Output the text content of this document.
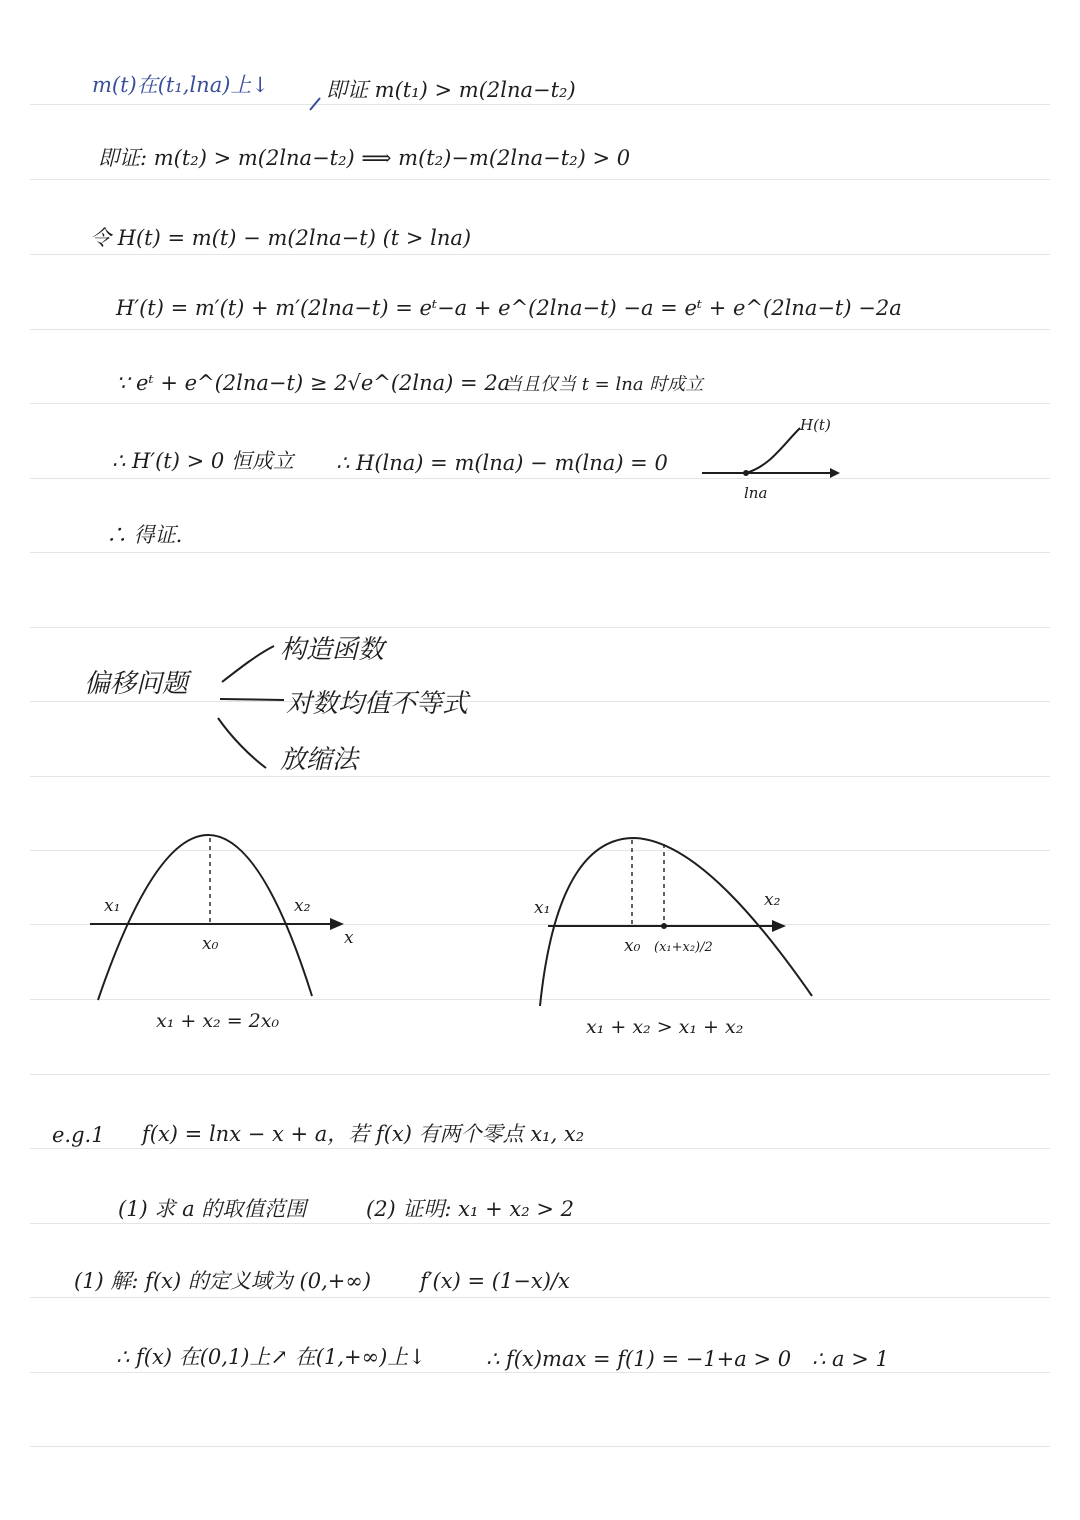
m(t)在(t₁,lna)上↓	即证 m(t₁) > m(2lna−t₂)
即证: m(t₂) > m(2lna−t₂) ⟹ m(t₂)−m(2lna−t₂) > 0
令 H(t) = m(t) − m(2lna−t) (t > lna)
H′(t) = m′(t) + m′(2lna−t) = eᵗ−a + e^(2lna−t) −a = eᵗ + e^(2lna−t) −2a
∵ eᵗ + e^(2lna−t) ≥ 2√e^(2lna) = 2a
当且仅当 t = lna 时成立
∴ H′(t) > 0 恒成立 ∴ H(lna) = m(lna) − m(lna) = 0
H(t)
lna
∴ 得证.
偏移问题
构造函数
对数均值不等式
放缩法
x₁	x₂
x₀	x
x₁ + x₂ = 2x₀
x₁	x₂
x₀ (x₁+x₂)/2
x₁ + x₂ > x₁ + x₂
e.g.1 f(x) = lnx − x + a，若 f(x) 有两个零点 x₁, x₂
(1) 求 a 的取值范围	(2) 证明: x₁ + x₂ > 2
(1) 解: f(x) 的定义域为 (0,+∞) f′(x) = (1−x)/x
∴ f(x) 在(0,1)上↗ 在(1,+∞)上↓	∴ f(x)max = f(1) = −1+a > 0 ∴ a > 1
